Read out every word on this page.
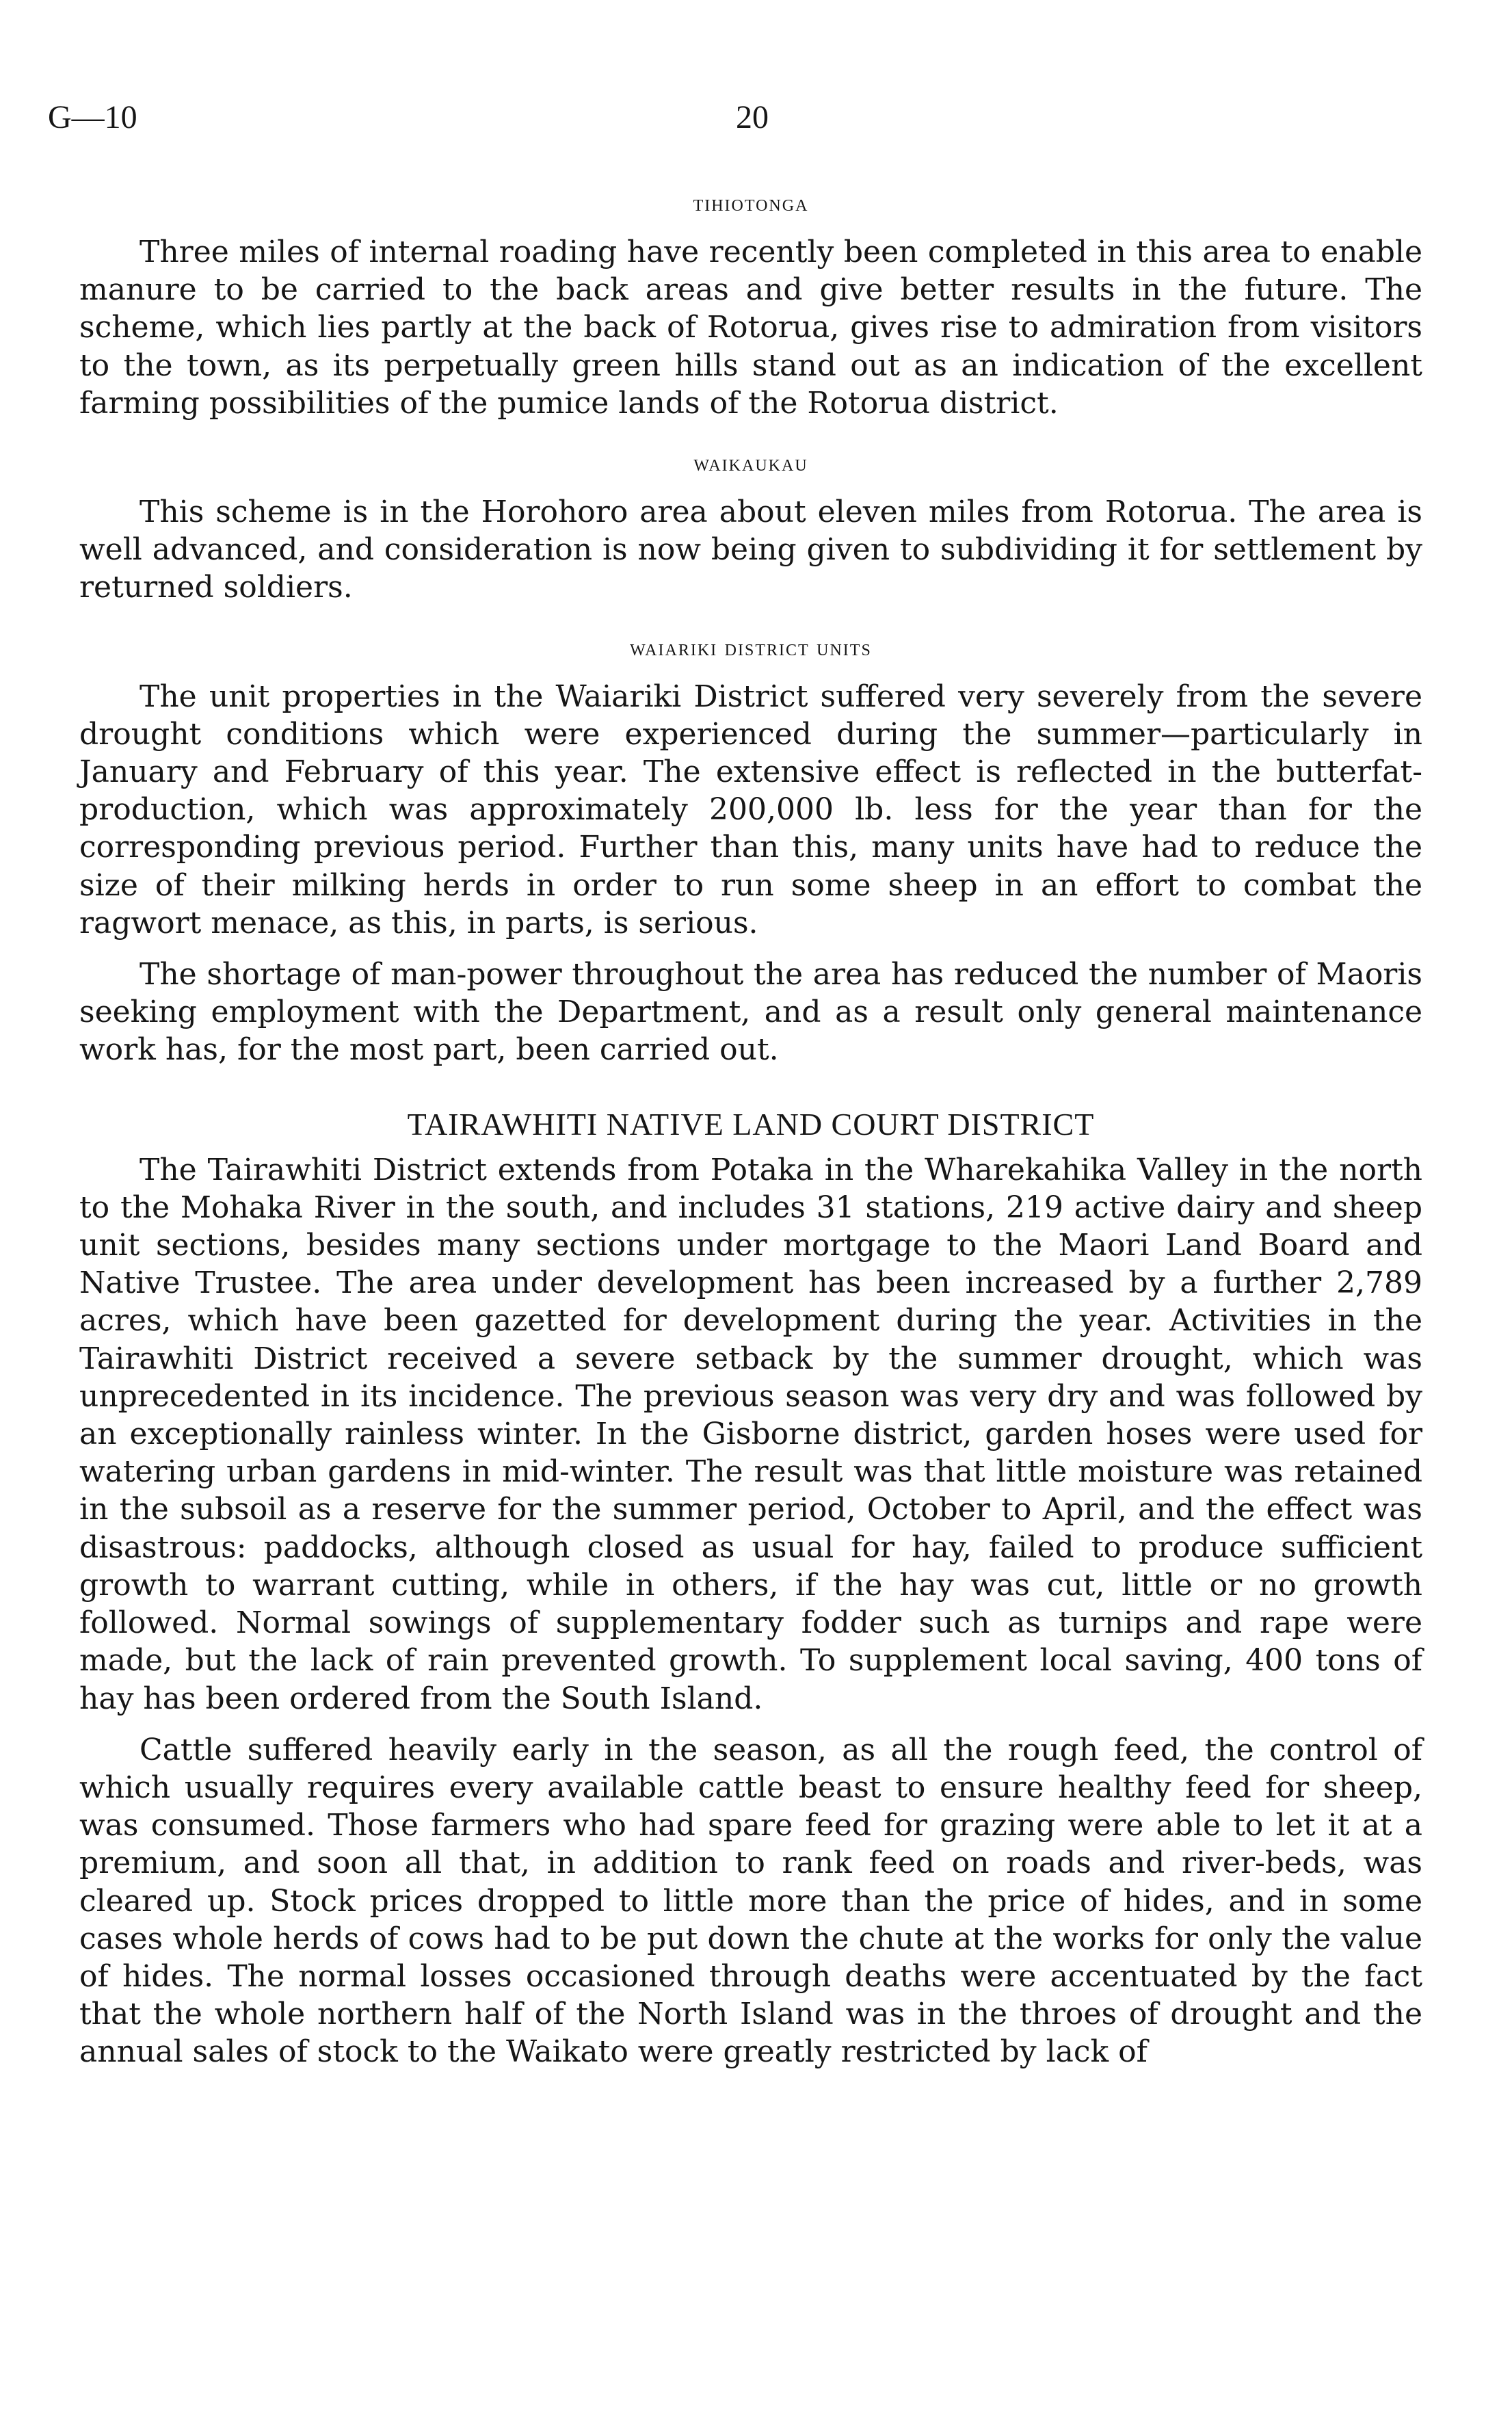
G—10	20
tihiotonga

Three miles of internal roading have recently been completed in this area to enable manure to be carried to the back areas and give better results in the future. The scheme, which lies partly at the back of Rotorua, gives rise to admiration from visitors to the town, as its perpetually green hills stand out as an indication of the excellent farming possibilities of the pumice lands of the Rotorua district.

waikaukau

This scheme is in the Horohoro area about eleven miles from Rotorua. The area is well advanced, and consideration is now being given to subdividing it for settlement by returned soldiers.

waiariki district units

The unit properties in the Waiariki District suffered very severely from the severe drought conditions which were experienced during the summer—particularly in January and February of this year. The extensive effect is reflected in the butterfat-production, which was approximately 200,000 lb. less for the year than for the corresponding previous period. Further than this, many units have had to reduce the size of their milking herds in order to run some sheep in an effort to combat the ragwort menace, as this, in parts, is serious.

The shortage of man-power throughout the area has reduced the number of Maoris seeking employment with the Department, and as a result only general maintenance work has, for the most part, been carried out.

TAIRAWHITI NATIVE LAND COURT DISTRICT

The Tairawhiti District extends from Potaka in the Wharekahika Valley in the north to the Mohaka River in the south, and includes 31 stations, 219 active dairy and sheep unit sections, besides many sections under mortgage to the Maori Land Board and Native Trustee. The area under development has been increased by a further 2,789 acres, which have been gazetted for development during the year. Activities in the Tairawhiti District received a severe setback by the summer drought, which was unprecedented in its incidence. The previous season was very dry and was followed by an exceptionally rainless winter. In the Gisborne district, garden hoses were used for watering urban gardens in mid-winter. The result was that little moisture was retained in the subsoil as a reserve for the summer period, October to April, and the effect was disastrous: paddocks, although closed as usual for hay, failed to produce sufficient growth to warrant cutting, while in others, if the hay was cut, little or no growth followed. Normal sowings of supplementary fodder such as turnips and rape were made, but the lack of rain prevented growth. To supplement local saving, 400 tons of hay has been ordered from the South Island.

Cattle suffered heavily early in the season, as all the rough feed, the control of which usually requires every available cattle beast to ensure healthy feed for sheep, was consumed. Those farmers who had spare feed for grazing were able to let it at a premium, and soon all that, in addition to rank feed on roads and river-beds, was cleared up. Stock prices dropped to little more than the price of hides, and in some cases whole herds of cows had to be put down the chute at the works for only the value of hides. The normal losses occasioned through deaths were accentuated by the fact that the whole northern half of the North Island was in the throes of drought and the annual sales of stock to the Waikato were greatly restricted by lack of
